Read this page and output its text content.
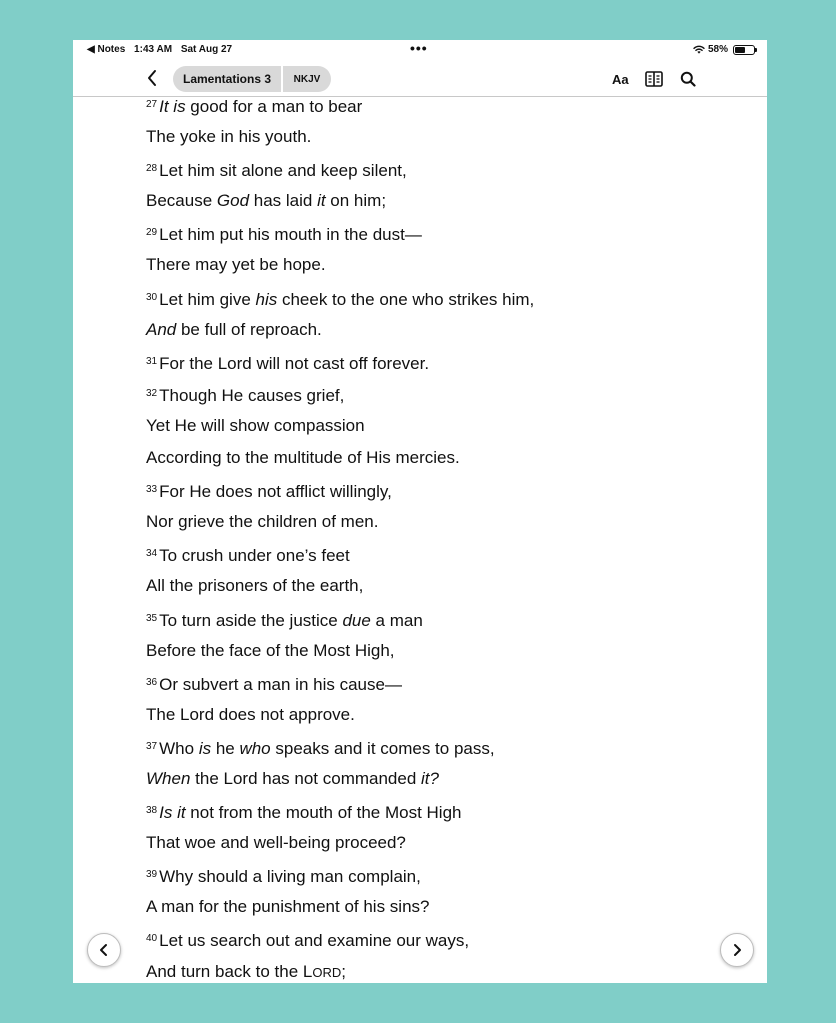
◀ Notes 1:43 AM Sat Aug 27	•••	58%
Lamentations 3	NKJV	Aa
$^{27}$ It is good for a man to bear
The yoke in his youth.
$^{28}$ Let him sit alone and keep silent,
Because God has laid it on him;
$^{29}$ Let him put his mouth in the dust—
There may yet be hope.
$^{30}$ Let him give his cheek to the one who strikes him,
And be full of reproach.
$^{31}$ For the Lord will not cast off forever.
$^{32}$ Though He causes grief,
Yet He will show compassion
According to the multitude of His mercies.
$^{33}$ For He does not afflict willingly,
Nor grieve the children of men.
$^{34}$ To crush under one’s feet
All the prisoners of the earth,
$^{35}$ To turn aside the justice due a man
Before the face of the Most High,
$^{36}$ Or subvert a man in his cause—
The Lord does not approve.
$^{37}$ Who is he who speaks and it comes to pass,
When the Lord has not commanded it?
$^{38}$ Is it not from the mouth of the Most High
That woe and well-being proceed?
$^{39}$ Why should a living man complain,
A man for the punishment of his sins?
$^{40}$ Let us search out and examine our ways,
And turn back to the LORD;
